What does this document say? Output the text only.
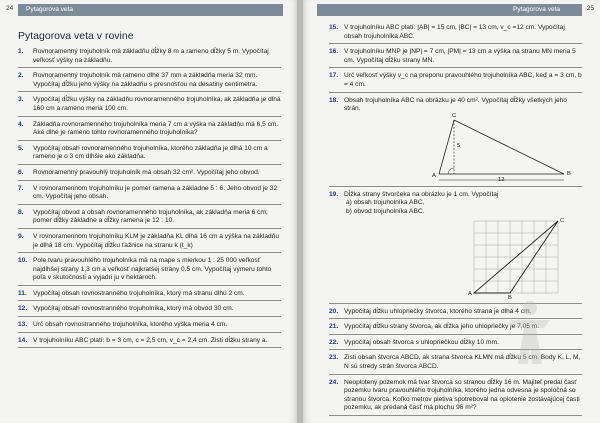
24 Pytagorova veta
Pytagorova veta v rovine
1. Rovnoramenný trojuholník má základňu dĺžky 8 m a ramenо dĺžky 5 m. Vypočítaj veľkosť výšky na základňu.
2. Rovnoramenný trojuholník má ramenо dlhé 37 mm a základňa meria 32 mm. Vypočítaj dĺžku jeho výšky na základňu s presnosťou na desatiny centimetra.
3. Vypočítaj dĺžku výšky na základňu rovnoramenného trojuholníka, ak základňa je dlhá 160 cm a ramenо meria 100 cm.
4. Základňa rovnoramenného trojuholníka meria 7 cm a výška na základňu má 6,5 cm. Aké dlhé je ramenо tohto rovnoramenného trojuholníka?
5. Vypočítaj obsah rovnoramenného trojuholníka, ktorého základňa je dlhá 10 cm a ramenо je o 3 cm dlhšie ako základňa.
6. Rovnoramenný pravouhlý trojuholník má obsah 32 cm². Vypočítaj jeho obvod.
7. V rovnoramennom trojuholníku je pomer ramena a základne 5 : 6. Jeho obvod je 32 cm. Vypočítaj jeho obsah.
8. Vypočítaj obvod a obsah rovnoramenného trojuholníka, ak základňa meria 6 cm, pomer dĺžky základne a dĺžky ramena je 12 : 10.
9. V rovnoramennom trojuholníku KLM je základňa KL dlhá 16 cm a výška na základňu je dlhá 18 cm. Vypočítaj dĺžku ťažnice na stranu k (t_k)
10. Pole tvaru pravouhlého trojuholníka má na mape s mierkou 1 : 25 000 veľkosť najdlhšej strany 1,3 cm a veľkosť najkratšej strany 0,5 cm. Vypočítaj výmeru tohto poľa v skutočnosti a vyjadri ju v hektároch.
11. Vypočítaj obsah rovnostranného trojuholníka, ktorý má stranu dlhú 2 cm.
12. Vypočítaj obsah rovnostranného trojuholníka, ktorý má obvod 30 cm.
13. Urč obsah rovnostranného trojuholníka, ktorého výška meria 4 cm.
14. V trojuholníku ABC platí: b = 3 cm, c = 2,5 cm, v_c = 2,4 cm. Zisti dĺžku strany a.
25
Pytagorova veta
15. V trojuholníku ABC platí: |AB| = 15 cm, |BC| = 13 cm, v_c =12 cm. Vypočítaj obsah trojuholníka ABC.
16. V trojuholníku MNP je |NP| = 7 cm, |PM| = 13 cm a výška na stranu MN meria 5 cm. Vypočítaj dĺžku strany MN.
17. Urč veľkosť výšky v_c na preponu pravouhlého trojuholníka ABC, keď a = 3 cm, b = 4 cm.
18. Obsah trojuholníka ABC na obrázku je 40 cm². Vypočítaj dĺžky všetkých jeho strán.
A	B
C
5
12
19. Dĺžka strany štvorčeka na obrázku je 1 cm. Vypočítaj
a) obsah trojuholníka ABC,
b) obvod trojuholníka ABC.
A
B
C
20. Vypočítaj dĺžku uhlopriečky štvorca, ktorého strana je dlhá 4 cm.
21. Vypočítaj dĺžku strany štvorca, ak dĺžka jeho uhlopriečky je 7,05 m.
22. Vypočítaj obsah štvorca s uhlopriečkou dĺžky 10 mm.
23. Zisti obsah štvorca ABCD, ak strana štvorca KLMN má dĺžku 5 cm. Body K, L, M, N sú stredy strán štvorca ABCD.
24. Neoplotený pozemok má tvar štvorca so stranou dĺžky 16 m. Majiteľ predal časť pozemku tvaru pravouhlého trojuholníka, ktorého jedna odvesna je spoločná so stranou štvorca. Koľko metrov pletiva spotreboval na oplotenie zostávajúcej časti pozemku, ak predaná časť má plochu 96 m²?
